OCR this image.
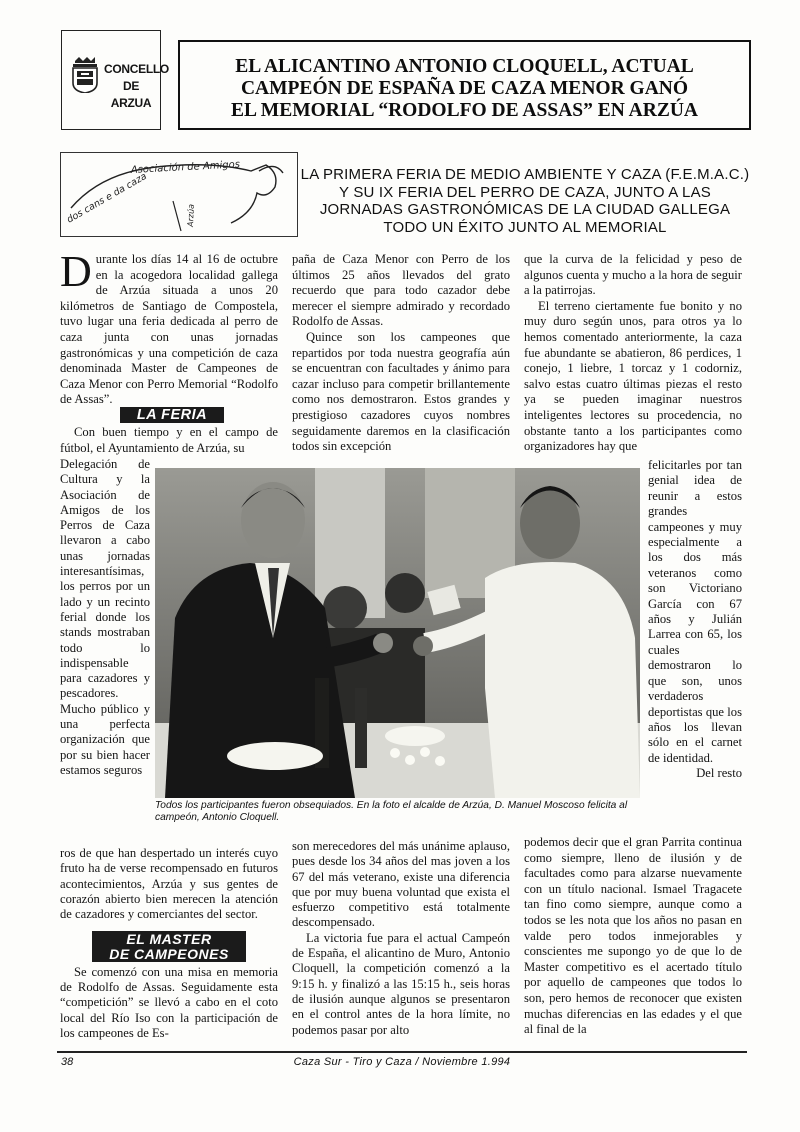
CONCELLO
DE
ARZUA
EL ALICANTINO ANTONIO CLOQUELL, ACTUAL
CAMPEÓN DE ESPAÑA DE CAZA MENOR GANÓ
EL MEMORIAL “RODOLFO DE ASSAS” EN ARZÚA
Asociación de Amigos
dos cans e da caza	Arzúa
LA PRIMERA FERIA DE MEDIO AMBIENTE Y CAZA (F.E.M.A.C.)
Y SU IX FERIA DEL PERRO DE CAZA, JUNTO A LAS
JORNADAS GASTRONÓMICAS DE LA CIUDAD GALLEGA
TODO UN ÉXITO JUNTO AL MEMORIAL

Durante los días 14 al 16 de octubre en la acogedora localidad gallega de Arzúa situada a unos 20 kilómetros de Santiago de Compostela, tuvo lugar una feria dedicada al perro de caza junta con unas jornadas gastronómicas y una competición de caza denominada Master de Campeones de Caza Menor con Perro Memorial “Rodolfo de Assas”.

LA FERIA

Con buen tiempo y en el campo de fútbol, el Ayuntamiento de Arzúa, su

Delegación de Cultura y la Asociación de Amigos de los Perros de Caza llevaron a cabo unas jornadas interesantísimas, los perros por un lado y un recinto ferial donde los stands mostraban todo lo indispensable para cazadores y pescadores. Mucho público y una perfecta organización que por su bien hacer estamos seguros

ros de que han despertado un interés cuyo fruto ha de verse recompensado en futuros acontecimientos, Arzúa y sus gentes de corazón abierto bien merecen la atención de cazadores y comerciantes del sector.

EL MASTER
DE CAMPEONES

Se comenzó con una misa en memoria de Rodolfo de Assas. Seguidamente esta “competición” se llevó a cabo en el coto local del Río Iso con la participación de los campeones de Es-

paña de Caza Menor con Perro de los últimos 25 años llevados del grato recuerdo que para todo cazador debe merecer el siempre admirado y recordado Rodolfo de Assas.

Quince son los campeones que repartidos por toda nuestra geografía aún se encuentran con facultades y ánimo para cazar incluso para competir brillantemente como nos demostraron. Estos grandes y prestigioso cazadores cuyos nombres seguidamente daremos en la clasificación todos sin excepción

son merecedores del más unánime aplauso, pues desde los 34 años del mas joven a los 67 del más veterano, existe una diferencia que por muy buena voluntad que exista el esfuerzo competitivo está totalmente descompensado.

La victoria fue para el actual Campeón de España, el alicantino de Muro, Antonio Cloquell, la competición comenzó a la 9:15 h. y finalizó a las 15:15 h., seis horas de ilusión aunque algunos se presentaron en el control antes de la hora límite, no podemos pasar por alto

que la curva de la felicidad y peso de algunos cuenta y mucho a la hora de seguir a la patirrojas.

El terreno ciertamente fue bonito y no muy duro según unos, para otros ya lo hemos comentado anteriormente, la caza fue abundante se abatieron, 86 perdices, 1 conejo, 1 liebre, 1 torcaz y 1 codorniz, salvo estas cuatro últimas piezas el resto ya se pueden imaginar nuestros inteligentes lectores su procedencia, no obstante tanto a los participantes como organizadores hay que

felicitarles por tan genial idea de reunir a estos grandes campeones y muy especialmente a los dos más veteranos como son Victoriano García con 67 años y Julián Larrea con 65, los cuales demostraron lo que son, unos verdaderos deportistas que los años los llevan sólo en el carnet de identidad.

Del resto

podemos decir que el gran Parrita continua como siempre, lleno de ilusión y de facultades como para alzarse nuevamente con un título nacional. Ismael Tragacete tan fino como siempre, aunque como a todos se les nota que los años no pasan en valde pero todos inmejorables y conscientes me supongo yo de que lo de Master competitivo es el acertado título por aquello de campeones que todos lo son, pero hemos de reconocer que existen muchas diferencias en las edades y el que al final de la

Todos los participantes fueron obsequiados. En la foto el alcalde de Arzúa, D. Manuel Moscoso felicita al campeón, Antonio Cloquell.
38	Caza Sur - Tiro y Caza / Noviembre 1.994
